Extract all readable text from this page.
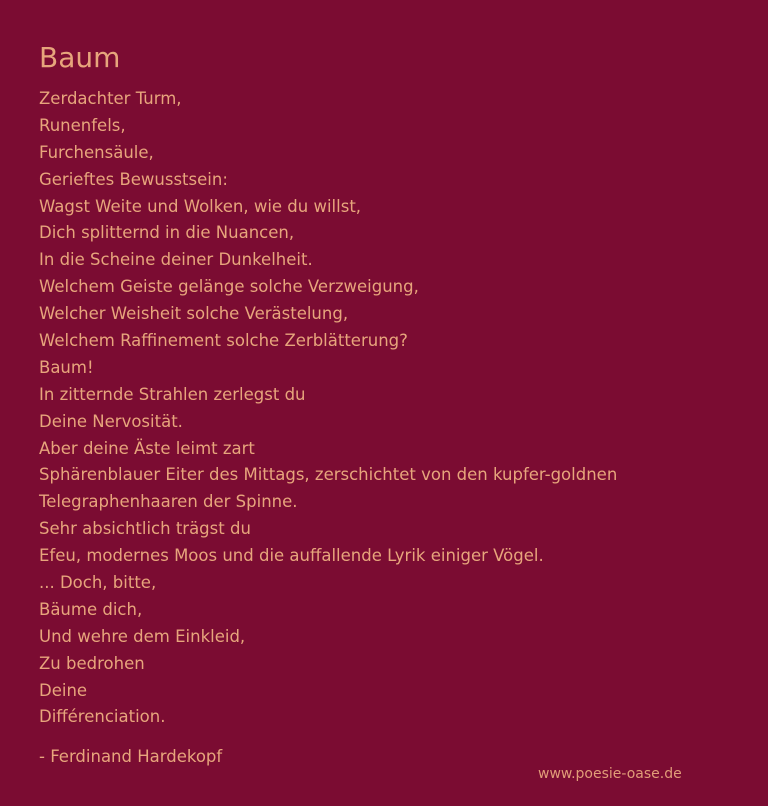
Baum
Zerdachter Turm,
Runenfels,
Furchensäule,
Gerieftes Bewusstsein:
Wagst Weite und Wolken, wie du willst,
Dich splitternd in die Nuancen,
In die Scheine deiner Dunkelheit.
Welchem Geiste gelänge solche Verzweigung,
Welcher Weisheit solche Verästelung,
Welchem Raffinement solche Zerblätterung?
Baum!
In zitternde Strahlen zerlegst du
Deine Nervosität.
Aber deine Äste leimt zart
Sphärenblauer Eiter des Mittags, zerschichtet von den kupfer-goldnen
Telegraphenhaaren der Spinne.
Sehr absichtlich trägst du
Efeu, modernes Moos und die auffallende Lyrik einiger Vögel.
... Doch, bitte,
Bäume dich,
Und wehre dem Einkleid,
Zu bedrohen
Deine
Différenciation.
- Ferdinand Hardekopf
www.poesie-oase.de
